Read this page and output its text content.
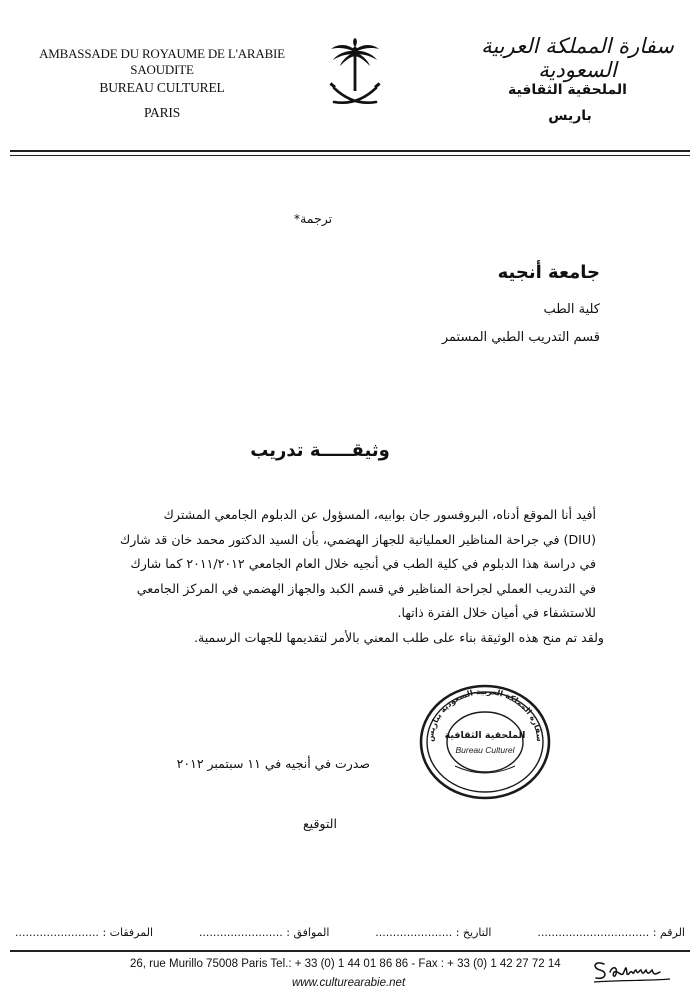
AMBASSADE DU ROYAUME DE L'ARABIE SAOUDITE
BUREAU CULTUREL
PARIS
سفارة المملكة العربية السعودية
الملحقية الثقافية
باريس
ترجمة*
جامعة أنجيه
كلية الطب
قسم التدريب الطبي المستمر
وثيقـــــة تدريب
أفيد أنا الموقع أدناه، البروفسور جان بوابيه، المسؤول عن الدبلوم الجامعي المشترك
(DIU) في جراحة المناظير العملياتية للجهاز الهضمي، بأن السيد الدكتور محمد خان قد شارك
في دراسة هذا الدبلوم في كلية الطب في أنجيه خلال العام الجامعي ٢٠١١/٢٠١٢ كما شارك
في التدريب العملي لجراحة المناظير في قسم الكبد والجهاز الهضمي في المركز الجامعي
للاستشفاء في أميان خلال الفترة ذاتها.
ولقد تم منح هذه الوثيقة بناء على طلب المعني بالأمر لتقديمها للجهات الرسمية.
سفارة المملكة العربية السعودية بباريس
الملحقية الثقافية
Bureau Culturel
صدرت في أنجيه في ١١ سبتمبر ٢٠١٢
التوقيع
الرقم : ................................
التاريخ : ......................
الموافق : ........................
المرفقات : ........................
26, rue Murillo 75008 Paris Tel.: + 33 (0) 1 44 01 86 86 - Fax : + 33 (0) 1 42 27 72 14
www.culturearabie.net
